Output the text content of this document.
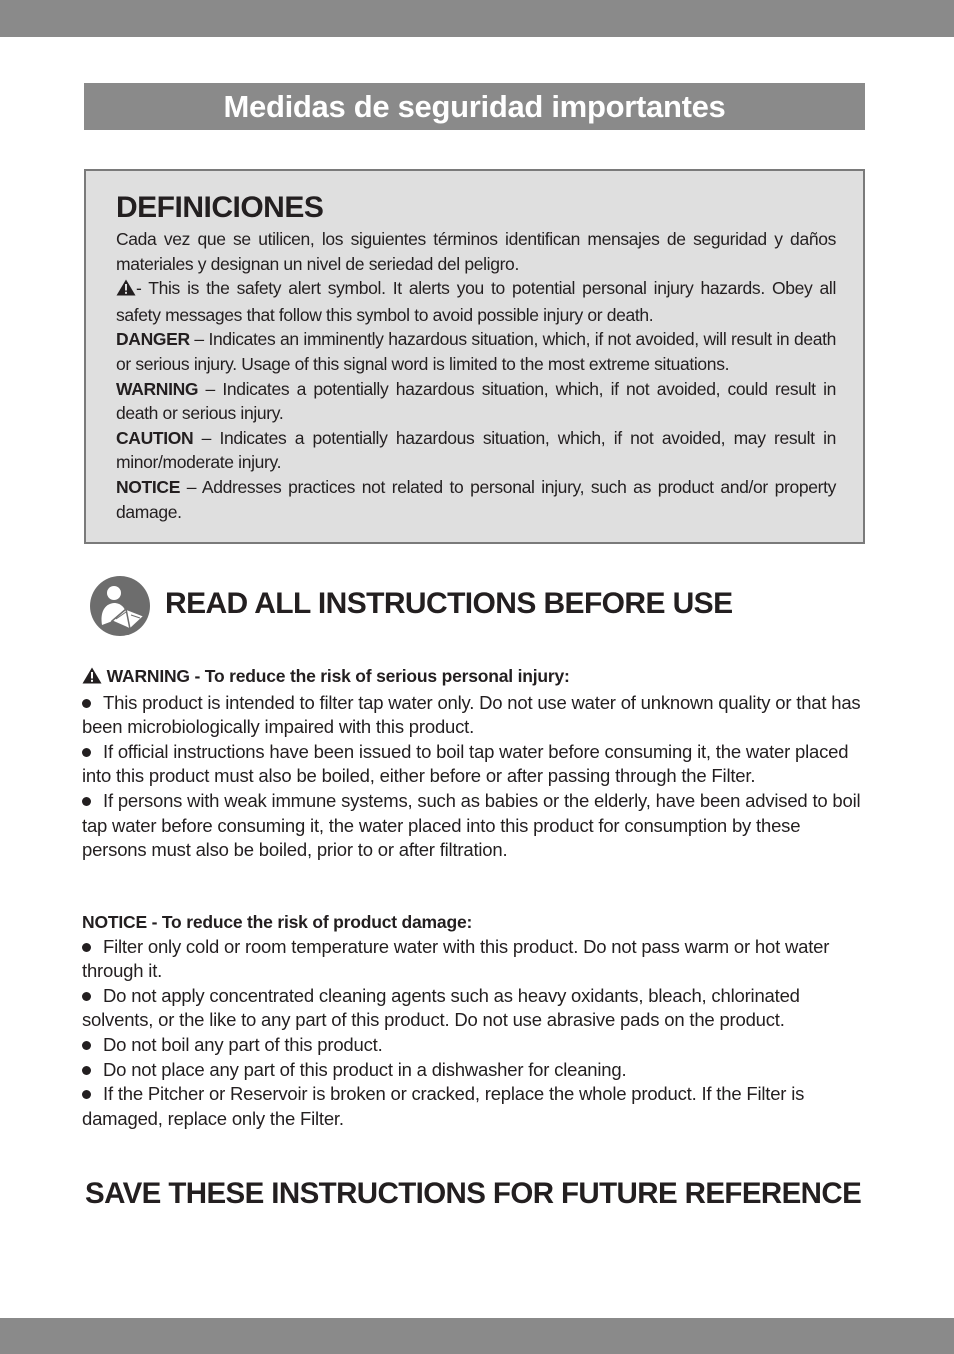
Medidas de seguridad importantes

DEFINICIONES

Cada vez que se utilicen, los siguientes términos identifican mensajes de seguridad y daños materiales y designan un nivel de seriedad del peligro.

- This is the safety alert symbol. It alerts you to potential personal injury hazards. Obey all safety messages that follow this symbol to avoid possible injury or death.

DANGER – Indicates an imminently hazardous situation, which, if not avoided, will result in death or serious injury. Usage of this signal word is limited to the most extreme situations.

WARNING – Indicates a potentially hazardous situation, which, if not avoided, could result in death or serious injury.

CAUTION – Indicates a potentially hazardous situation, which, if not avoided, may result in minor/moderate injury.

NOTICE – Addresses practices not related to personal injury, such as product and/or property damage.

READ ALL INSTRUCTIONS BEFORE USE

WARNING - To reduce the risk of serious personal injury:

This product is intended to filter tap water only. Do not use water of unknown quality or that has been microbiologically impaired with this product.

If official instructions have been issued to boil tap water before consuming it, the water placed into this product must also be boiled, either before or after passing through the Filter.

If persons with weak immune systems, such as babies or the elderly, have been advised to boil tap water before consuming it, the water placed into this product for consumption by these persons must also be boiled, prior to or after filtration.

NOTICE - To reduce the risk of product damage:

Filter only cold or room temperature water with this product. Do not pass warm or hot water through it.

Do not apply concentrated cleaning agents such as heavy oxidants, bleach, chlorinated solvents, or the like to any part of this product. Do not use abrasive pads on the product.

Do not boil any part of this product.

Do not place any part of this product in a dishwasher for cleaning.

If the Pitcher or Reservoir is broken or cracked, replace the whole product. If the Filter is damaged, replace only the Filter.

SAVE THESE INSTRUCTIONS FOR FUTURE REFERENCE
